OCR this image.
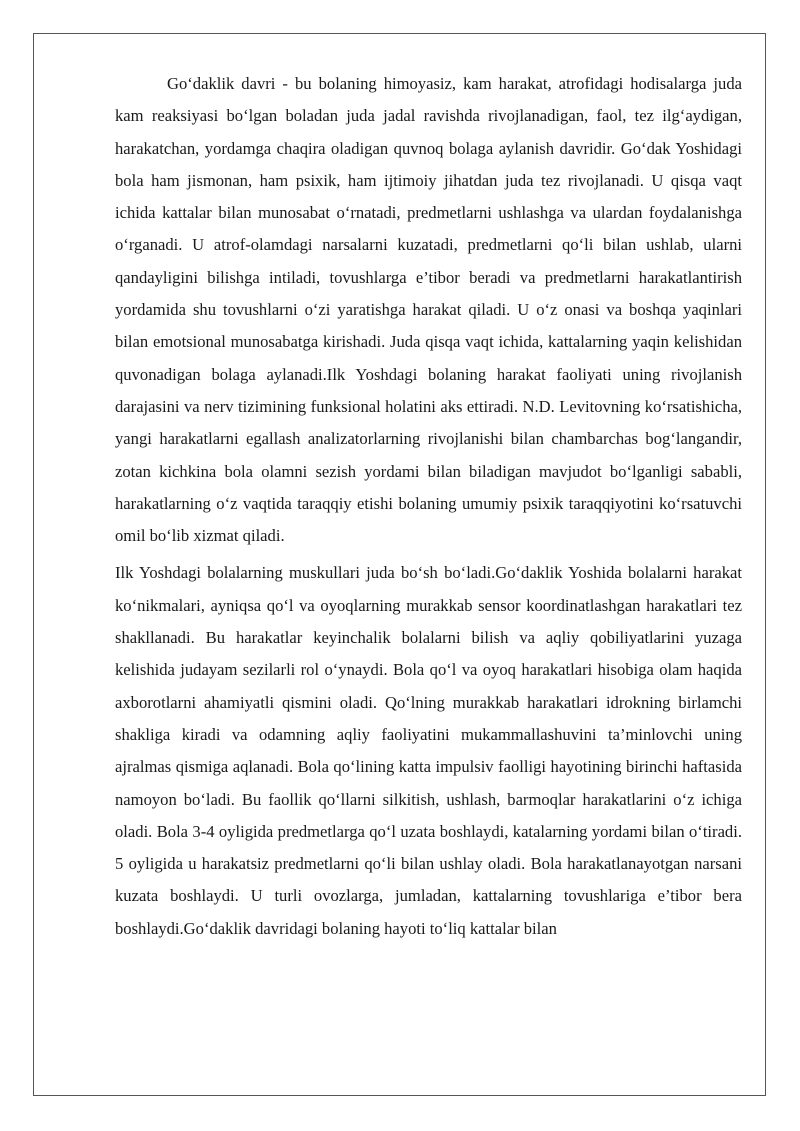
Go‘daklik davri - bu bolaning himoyasiz, kam harakat, atrofidagi hodisalarga juda kam reaksiyasi bo‘lgan boladan juda jadal ravishda rivojlanadigan, faol, tez ilg‘aydigan, harakatchan, yordamga chaqira oladigan quvnoq bolaga aylanish davridir. Go‘dak Yoshidagi bola ham jismonan, ham psixik, ham ijtimoiy jihatdan juda tez rivojlanadi. U qisqa vaqt ichida kattalar bilan munosabat o‘rnatadi, predmetlarni ushlashga va ulardan foydalanishga o‘rganadi. U atrof-olamdagi narsalarni kuzatadi, predmetlarni qo‘li bilan ushlab, ularni qandayligini bilishga intiladi, tovushlarga e’tibor beradi va predmetlarni harakatlantirish yordamida shu tovushlarni o‘zi yaratishga harakat qiladi. U o‘z onasi va boshqa yaqinlari bilan emotsional munosabatga kirishadi. Juda qisqa vaqt ichida, kattalarning yaqin kelishidan quvonadigan bolaga aylanadi.Ilk Yoshdagi bolaning harakat faoliyati uning rivojlanish darajasini va nerv tizimining funksional holatini aks ettiradi. N.D. Levitovning ko‘rsatishicha, yangi harakatlarni egallash analizatorlarning rivojlanishi bilan chambarchas bog‘langandir, zotan kichkina bola olamni sezish yordami bilan biladigan mavjudot bo‘lganligi sababli, harakatlarning o‘z vaqtida taraqqiy etishi bolaning umumiy psixik taraqqiyotini ko‘rsatuvchi omil bo‘lib xizmat qiladi.

Ilk Yoshdagi bolalarning muskullari juda bo‘sh bo‘ladi.Go‘daklik Yoshida bolalarni harakat ko‘nikmalari, ayniqsa qo‘l va oyoqlarning murakkab sensor koordinatlashgan harakatlari tez shakllanadi. Bu harakatlar keyinchalik bolalarni bilish va aqliy qobiliyatlarini yuzaga kelishida judayam sezilarli rol o‘ynaydi. Bola qo‘l va oyoq harakatlari hisobiga olam haqida axborotlarni ahamiyatli qismini oladi. Qo‘lning murakkab harakatlari idrokning birlamchi shakliga kiradi va odamning aqliy faoliyatini mukammallashuvini ta’minlovchi uning ajralmas qismiga aqlanadi. Bola qo‘lining katta impulsiv faolligi hayotining birinchi haftasida namoyon bo‘ladi. Bu faollik qo‘llarni silkitish, ushlash, barmoqlar harakatlarini o‘z ichiga oladi. Bola 3-4 oyligida predmetlarga qo‘l uzata boshlaydi, katalarning yordami bilan o‘tiradi. 5 oyligida u harakatsiz predmetlarni qo‘li bilan ushlay oladi. Bola harakatlanayotgan narsani kuzata boshlaydi. U turli ovozlarga, jumladan, kattalarning tovushlariga e’tibor bera boshlaydi.Go‘daklik davridagi bolaning hayoti to‘liq kattalar bilan
